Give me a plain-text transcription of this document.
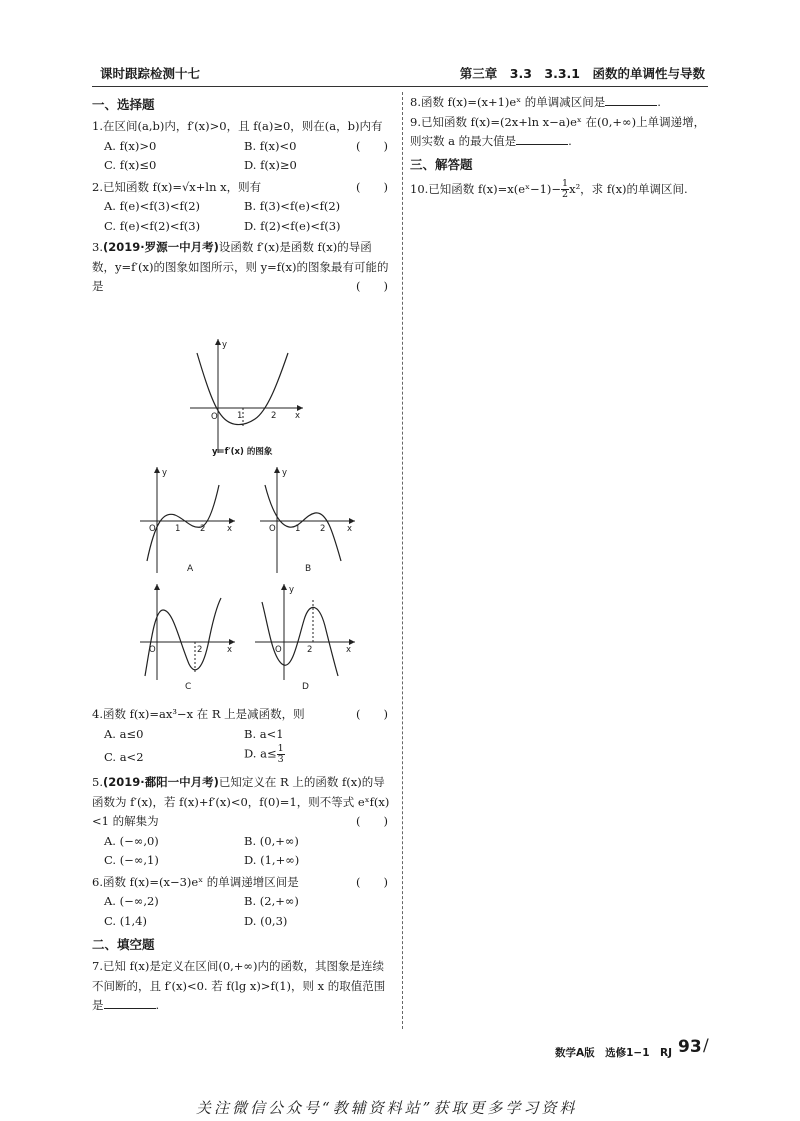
课时跟踪检测十七	第三章　3.3　3.3.1　函数的单调性与导数
一、选择题

1.在区间(a,b)内，f′(x)>0，且 f(a)≥0，则在(a，b)内有
(　　)

A. f(x)>0	B. f(x)<0
C. f(x)≤0	D. f(x)≥0

2.已知函数 f(x)=√x+ln x，则有	(　　)

A. f(e)<f(3)<f(2)	B. f(3)<f(e)<f(2)
C. f(e)<f(2)<f(3)	D. f(2)<f(e)<f(3)

3.(2019·罗源一中月考)设函数 f′(x)是函数 f(x)的导函数，y=f′(x)的图象如图所示，则 y=f(x)的图象最有可能的是	(　　)

O 1	2 x
y
y=f′(x) 的图象
O 1 2	x
y
A
O 1 2	x
y
B
O	2	x
C
O	2	x
y
D

4.函数 f(x)=ax³−x 在 R 上是减函数，则	(　　)

A. a≤0	B. a<1
C. a<2	D. $a\le \frac{1}{3}$

5.(2019·鄱阳一中月考)已知定义在 R 上的函数 f(x)的导函数为 f′(x)，若 f(x)+f′(x)<0，f(0)=1，则不等式 eˣf(x)<1 的解集为	(　　)

A. (−∞,0)	B. (0,+∞)
C. (−∞,1)	D. (1,+∞)

6.函数 f(x)=(x−3)eˣ 的单调递增区间是	(　　)

A. (−∞,2)	B. (2,+∞)
C. (1,4)	D. (0,3)
二、填空题

7.已知 f(x)是定义在区间(0,+∞)内的函数，其图象是连续不间断的，且 f′(x)<0. 若 f(lg x)>f(1)，则 x 的取值范围是	.

8.函数 f(x)=(x+1)eˣ 的单调减区间是	.

9.已知函数 f(x)=(2x+ln x−a)eˣ 在(0,+∞)上单调递增，则实数 a 的最大值是	.

三、解答题

10.已知函数 f(x)=x(eˣ−1)− $\frac{1}{2}x^2$，求 f(x)的单调区间.

数学A版　选修1−1　RJ 93 /
关注微信公众号“教辅资料站”获取更多学习资料
